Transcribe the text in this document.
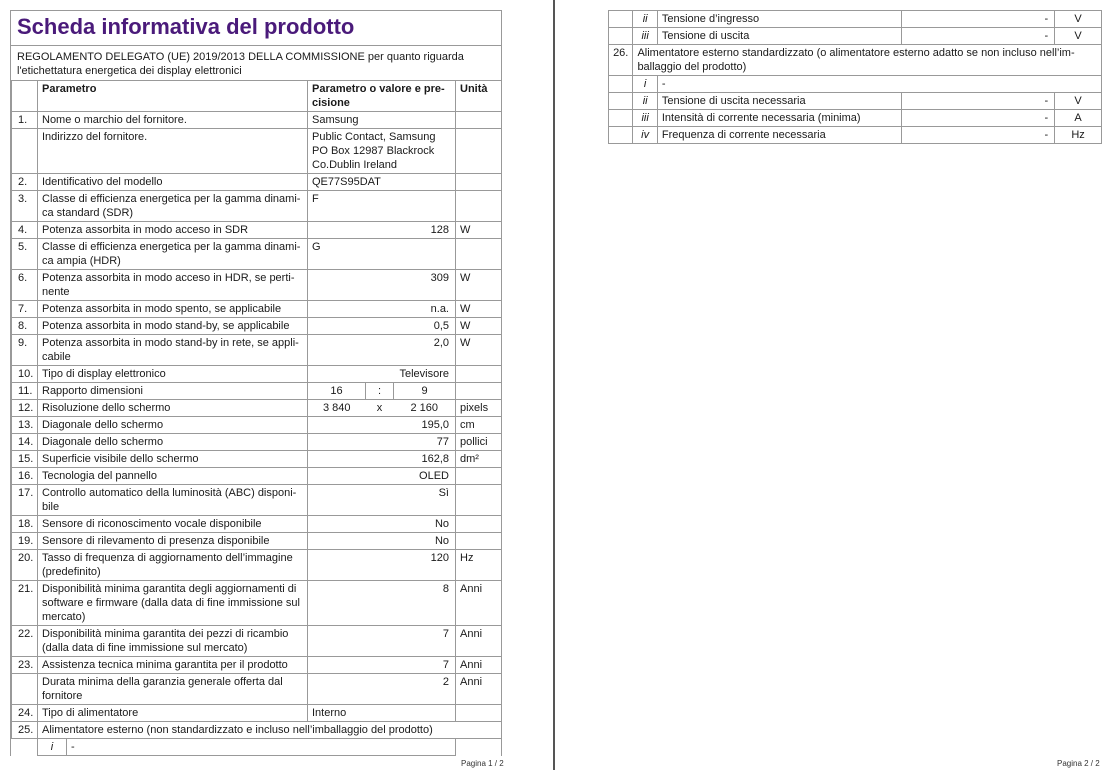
Scheda informativa del prodotto
REGOLAMENTO DELEGATO (UE) 2019/2013 DELLA COMMISSIONE per quanto riguarda l'etichettatura energetica dei display elettronici
	Parametro	Parametro o valore e pre-cisione	Unità
1.	Nome o marchio del fornitore.	Samsung	
	Indirizzo del fornitore.	Public Contact, Samsung
PO Box 12987 Blackrock
Co.Dublin Ireland

2.	Identificativo del modello	QE77S95DAT	
3.	Classe di efficienza energetica per la gamma dinami-ca standard (SDR)	F	
4.	Potenza assorbita in modo acceso in SDR	128	W
5.	Classe di efficienza energetica per la gamma dinami-ca ampia (HDR)	G	
6.	Potenza assorbita in modo acceso in HDR, se perti-nente	309	W
7.	Potenza assorbita in modo spento, se applicabile	n.a.	W
8.	Potenza assorbita in modo stand-by, se applicabile	0,5	W
9.	Potenza assorbita in modo stand-by in rete, se appli-cabile	2,0	W
10.	Tipo di display elettronico	Televisore	
11.	Rapporto dimensioni	16	:	9	
12.	Risoluzione dello schermo	3 840	x	2 160	pixels
13.	Diagonale dello schermo	195,0	cm
14.	Diagonale dello schermo	77	pollici
15.	Superficie visibile dello schermo	162,8	dm²
16.	Tecnologia del pannello	OLED	
17.	Controllo automatico della luminosità (ABC) disponi-bile	Sì	
18.	Sensore di riconoscimento vocale disponibile	No	
19.	Sensore di rilevamento di presenza disponibile	No	
20.	Tasso di frequenza di aggiornamento dell’immagine (predefinito)	120	Hz
21.	Disponibilità minima garantita degli aggiornamenti di software e firmware (dalla data di fine immissione sul mercato)	8	Anni
22.	Disponibilità minima garantita dei pezzi di ricambio (dalla data di fine immissione sul mercato)	7	Anni
23.	Assistenza tecnica minima garantita per il prodotto	7	Anni
	Durata minima della garanzia generale offerta dal fornitore	2	Anni
24.	Tipo di alimentatore	Interno	
25.	Alimentatore esterno (non standardizzato e incluso nell’imballaggio del prodotto)

i	-

Pagina 1 / 2
	ii	Tensione d’ingresso	-	V
	iii	Tensione di uscita	-	V
26.	Alimentatore esterno standardizzato (o alimentatore esterno adatto se non incluso nell’im-ballaggio del prodotto)			
	i	-		
	ii	Tensione di uscita necessaria	-	V
	iii	Intensità di corrente necessaria (minima)	-	A
	iv	Frequenza di corrente necessaria	-	Hz
Pagina 2 / 2
